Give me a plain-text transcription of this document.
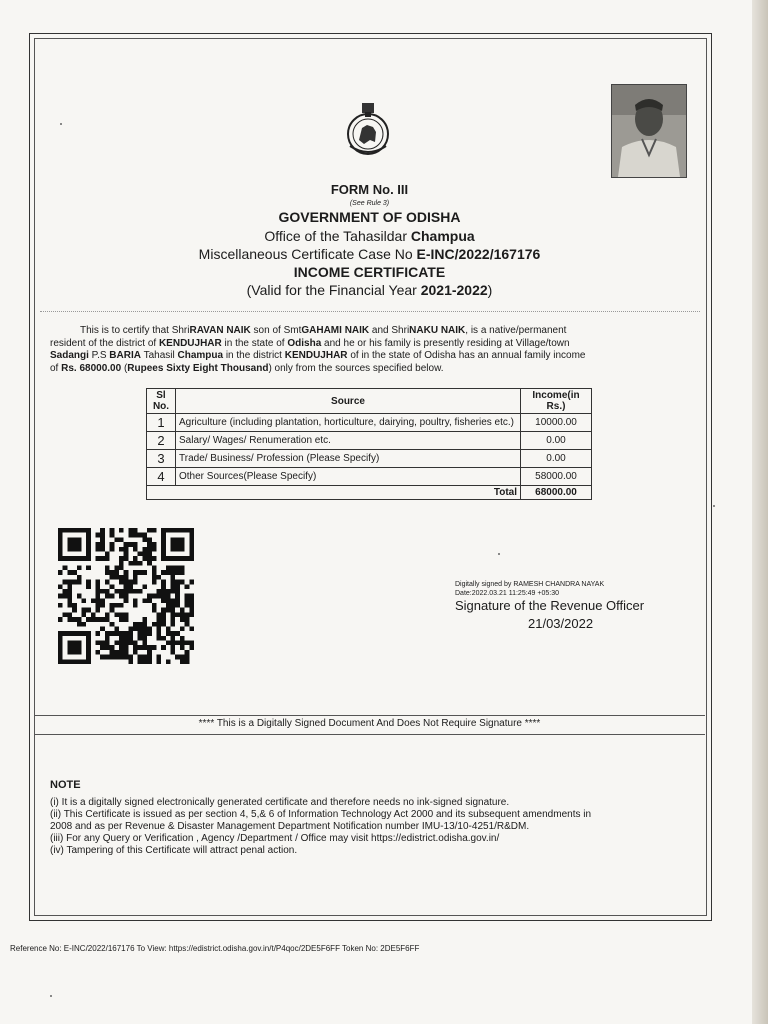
FORM No. III
(See Rule 3)
GOVERNMENT OF ODISHA
Office of the Tahasildar Champua
Miscellaneous Certificate Case No E-INC/2022/167176
INCOME CERTIFICATE
(Valid for the Financial Year 2021-2022)
This is to certify that ShriRAVAN NAIK son of SmtGAHAMI NAIK and ShriNAKU NAIK, is a native/permanent
resident of the district of KENDUJHAR in the state of Odisha and he or his family is presently residing at Village/town
Sadangi P.S BARIA Tahasil Champua in the district KENDUJHAR of in the state of Odisha has an annual family income
of Rs. 68000.00 (Rupees Sixty Eight Thousand) only from the sources specified below.
Sl No.	Source	Income(in Rs.)
1	Agriculture (including plantation, horticulture, dairying, poultry, fisheries etc.)	10000.00
2	Salary/ Wages/ Renumeration etc.	0.00
3	Trade/ Business/ Profession (Please Specify)	0.00
4	Other Sources(Please Specify)	58000.00
Total		68000.00
Digitally signed by RAMESH CHANDRA NAYAK
Date:2022.03.21 11:25:49 +05:30
Signature of the Revenue Officer
21/03/2022
**** This is a Digitally Signed Document And Does Not Require Signature ****
NOTE
(i) It is a digitally signed electronically generated certificate and therefore needs no ink-signed signature.
(ii) This Certificate is issued as per section 4, 5,& 6 of Information Technology Act 2000 and its subsequent amendments in
2008 and as per Revenue & Disaster Management Department Notification number IMU-13/10-4251/R&DM.
(iii) For any Query or Verification , Agency /Department / Office may visit https://edistrict.odisha.gov.in/
(iv) Tampering of this Certificate will attract penal action.
Reference No: E-INC/2022/167176 To View: https://edistrict.odisha.gov.in/t/P4qoc/2DE5F6FF Token No: 2DE5F6FF
